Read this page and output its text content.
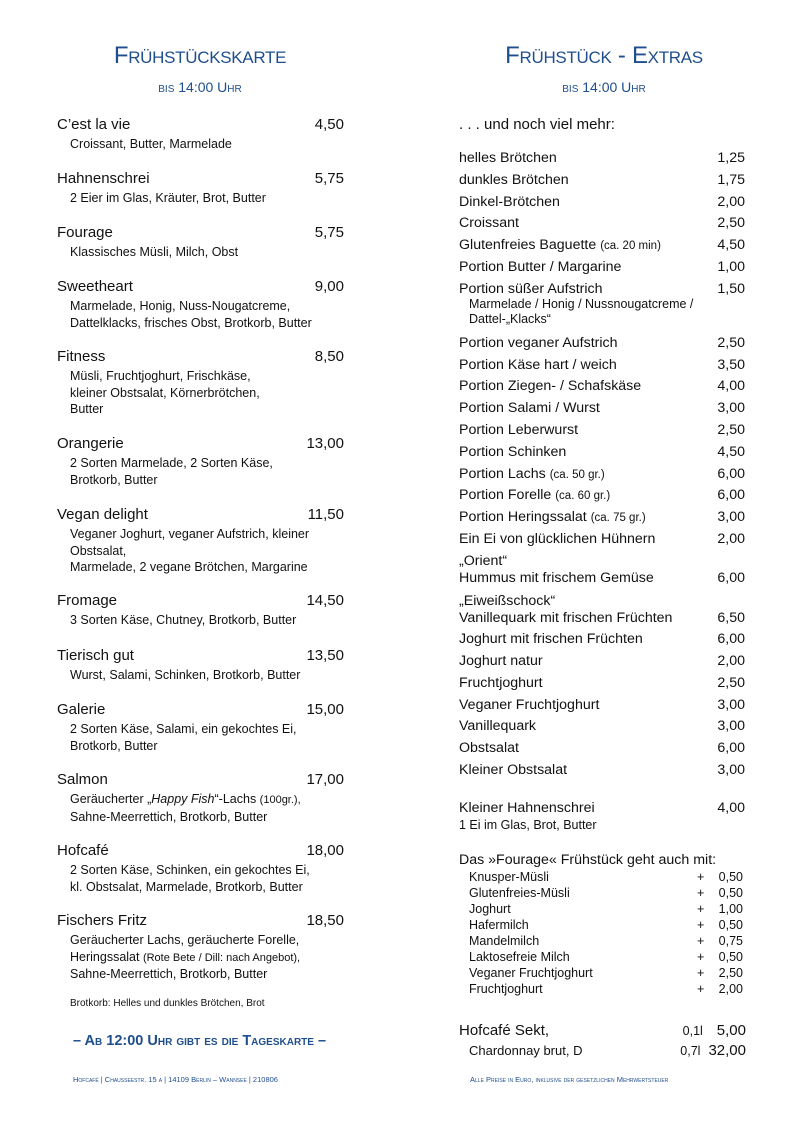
Frühstückskarte
bis 14:00 Uhr
C’est la vie	4,50
Croissant, Butter, Marmelade
Hahnenschrei	5,75
2 Eier im Glas, Kräuter, Brot, Butter
Fourage	5,75
Klassisches Müsli, Milch, Obst
Sweetheart	9,00
Marmelade, Honig, Nuss-Nougatcreme,
Dattelklacks, frisches Obst, Brotkorb, Butter
Fitness	8,50
Müsli, Fruchtjoghurt, Frischkäse,
kleiner Obstsalat, Körnerbrötchen,
Butter
Orangerie	13,00
2 Sorten Marmelade, 2 Sorten Käse,
Brotkorb, Butter
Vegan delight	11,50
Veganer Joghurt, veganer Aufstrich, kleiner
Obstsalat,
Marmelade, 2 vegane Brötchen, Margarine
Fromage	14,50
3 Sorten Käse, Chutney, Brotkorb, Butter
Tierisch gut	13,50
Wurst, Salami, Schinken, Brotkorb, Butter
Galerie	15,00
2 Sorten Käse, Salami, ein gekochtes Ei,
Brotkorb, Butter
Salmon	17,00
Geräucherter „Happy Fish“-Lachs (100gr.),
Sahne-Meerrettich, Brotkorb, Butter
Hofcafé	18,00
2 Sorten Käse, Schinken, ein gekochtes Ei,
kl. Obstsalat, Marmelade, Brotkorb, Butter
Fischers Fritz	18,50
Geräucherter Lachs, geräucherte Forelle,
Heringssalat (Rote Bete / Dill: nach Angebot),
Sahne-Meerrettich, Brotkorb, Butter
Brotkorb: Helles und dunkles Brötchen, Brot
– Ab 12:00 Uhr gibt es die Tageskarte –
Hofcafé | Chausseestr. 15 a | 14109 Berlin – Wannsee | 210806
Frühstück - Extras
bis 14:00 Uhr
. . . und noch viel mehr:
helles Brötchen	1,25
dunkles Brötchen	1,75
Dinkel-Brötchen	2,00
Croissant	2,50
Glutenfreies Baguette (ca. 20 min)	4,50
Portion Butter / Margarine	1,00
Portion süßer Aufstrich	1,50
Marmelade / Honig / Nussnougatcreme /
Dattel-„Klacks“
Portion veganer Aufstrich	2,50
Portion Käse hart / weich	3,50
Portion Ziegen- / Schafskäse	4,00
Portion Salami / Wurst	3,00
Portion Leberwurst	2,50
Portion Schinken	4,50
Portion Lachs (ca. 50 gr.)	6,00
Portion Forelle (ca. 60 gr.)	6,00
Portion Heringssalat (ca. 75 gr.)	3,00
Ein Ei von glücklichen Hühnern	2,00
„Orient“
Hummus mit frischem Gemüse	6,00
„Eiweißschock“
Vanillequark mit frischen Früchten	6,50
Joghurt mit frischen Früchten	6,00
Joghurt natur	2,00
Fruchtjoghurt	2,50
Veganer Fruchtjoghurt	3,00
Vanillequark	3,00
Obstsalat	6,00
Kleiner Obstsalat	3,00
Kleiner Hahnenschrei	4,00
1 Ei im Glas, Brot, Butter
Das »Fourage« Frühstück geht auch mit:
Knusper-Müsli	+ 0,50
Glutenfreies-Müsli	+ 0,50
Joghurt	+ 1,00
Hafermilch	+ 0,50
Mandelmilch	+ 0,75
Laktosefreie Milch	+ 0,50
Veganer Fruchtjoghurt	+ 2,50
Fruchtjoghurt	+ 2,00
Hofcafé Sekt,	0,1l 5,00
Chardonnay brut, D	0,7l 32,00
Alle Preise in Euro, inklusive der gesetzlichen Mehrwertsteuer
